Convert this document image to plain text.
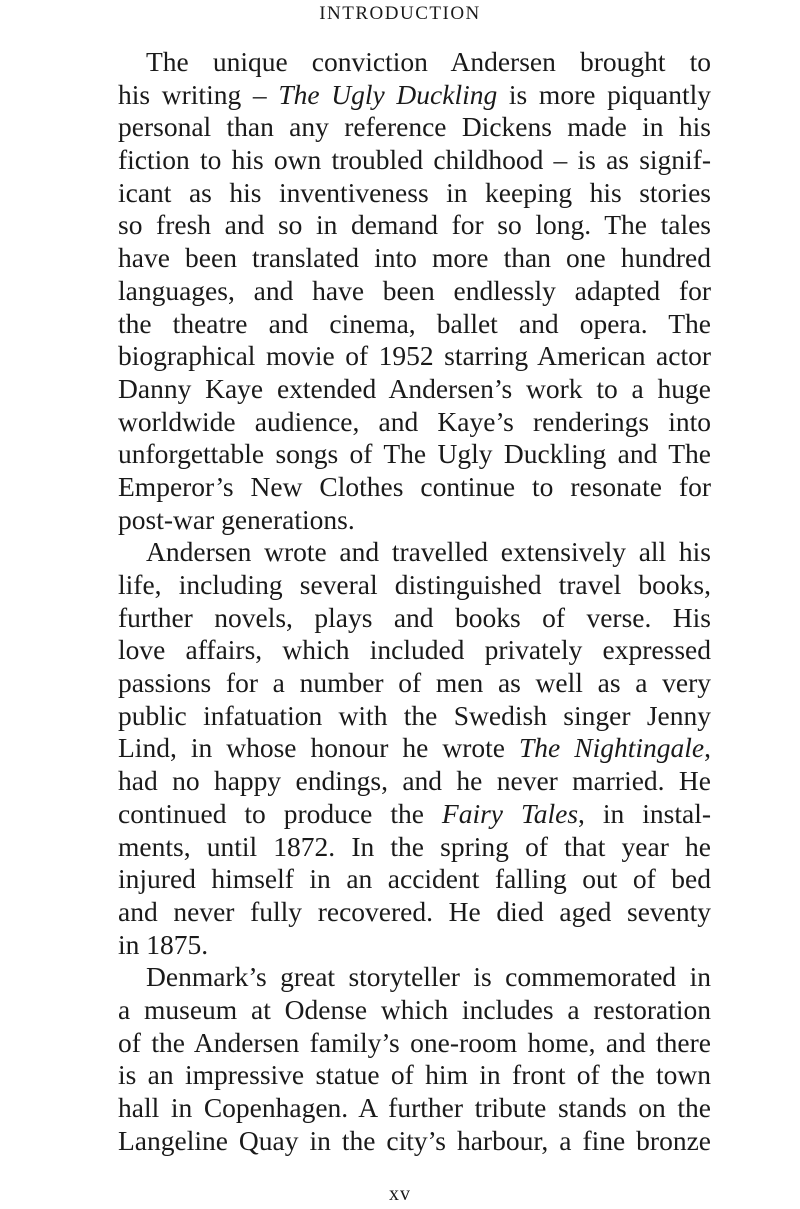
INTRODUCTION
The unique conviction Andersen brought to
his writing – The Ugly Duckling is more piquantly
personal than any reference Dickens made in his
fiction to his own troubled childhood – is as signif-
icant as his inventiveness in keeping his stories
so fresh and so in demand for so long. The tales
have been translated into more than one hundred
languages, and have been endlessly adapted for
the theatre and cinema, ballet and opera. The
biographical movie of 1952 starring American actor
Danny Kaye extended Andersen’s work to a huge
worldwide audience, and Kaye’s renderings into
unforgettable songs of The Ugly Duckling and The
Emperor’s New Clothes continue to resonate for
post-war generations.
Andersen wrote and travelled extensively all his
life, including several distinguished travel books,
further novels, plays and books of verse. His
love affairs, which included privately expressed
passions for a number of men as well as a very
public infatuation with the Swedish singer Jenny
Lind, in whose honour he wrote The Nightingale,
had no happy endings, and he never married. He
continued to produce the Fairy Tales, in instal-
ments, until 1872. In the spring of that year he
injured himself in an accident falling out of bed
and never fully recovered. He died aged seventy
in 1875.
Denmark’s great storyteller is commemorated in
a museum at Odense which includes a restoration
of the Andersen family’s one-room home, and there
is an impressive statue of him in front of the town
hall in Copenhagen. A further tribute stands on the
Langeline Quay in the city’s harbour, a fine bronze
xv
